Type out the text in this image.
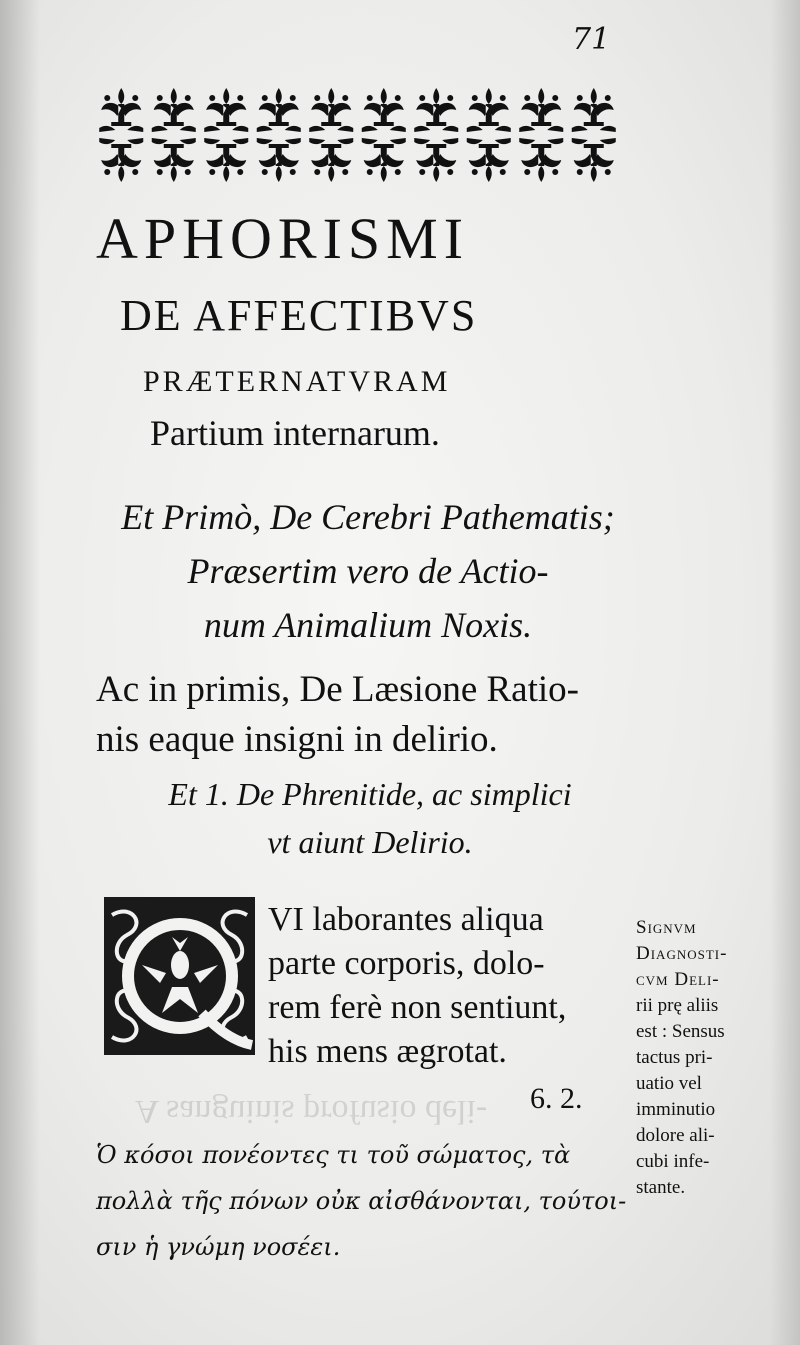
A sanguinis profusio deli-
71
APHORISMI
DE AFFECTIBVS
PRÆTERNATVRAM
Partium internarum.
Et Primò, De Cerebri Pathematis;
Præsertim vero de Actio-
num Animalium Noxis.
Ac in primis, De Læsione Ratio-
nis eaque insigni in delirio.
Et 1. De Phrenitide, ac simplici
vt aiunt Delirio.
VI laborantes aliqua
parte corporis, dolo-
rem ferè non sentiunt,
his mens ægrotat.
Signvm
Diagnosti-
cvm Deli-
rii prę aliis
est : Sensus
tactus pri-
uatio vel
imminutio
dolore ali-
cubi infe-
stante.
6. 2.
Ὁ κόσοι πονέοντες τι τοῦ σώματος, τὰ
πολλὰ τῆς πόνων οὐκ αἰσθάνονται, τούτοι-
σιν ἡ γνώμη νοσέει.
